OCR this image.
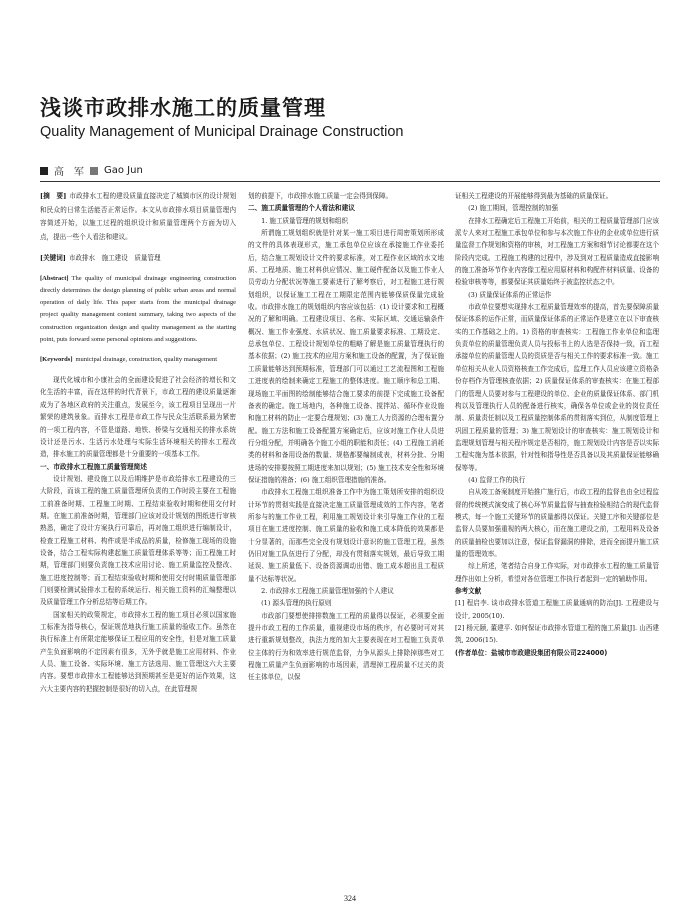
浅谈市政排水施工的质量管理
Quality Management of Municipal Drainage Construction
高　军 Gao Jun

[摘　要] 市政排水工程的建设质量直接决定了城镇市区的设计规划和民众的日常生活能否正常运作。本文从市政排水项目质量管理内容简述开始，以施工过程的组织设计和质量管理两个方面为切入点，提出一些个人看法和建议。

[关键词] 市政排水　施工建设　质量管理

[Abstract] The quality of municipal drainage engineering construction directly determines the design planning of public urban areas and normal operation of daily life. This paper starts from the municipal drainage project quality management content summary, taking two aspects of the construction organization design and quality management as the starting point, puts forward some personal opinions and suggestions.

[Keywords] municipal drainage, construction, quality management

现代化城市和小康社会的全面建设促进了社会经济的增长和文化生活的丰富，而在这样的时代背景下，市政工程的建设质量逐渐成为了各地区政府的关注重点，发展至今，该工程项目呈现出一片繁荣的建筑景象。而排水工程是市政工作与民众生活联系最为紧密的一项工程内容，不管是道路、地铁、桥梁与交通相关的排水系统设计还是污水、生活污水处理与实际生活环境相关的排水工程改造，排水施工的质量管理都是十分重要的一项基本工作。

一、市政排水工程施工质量管理简述

设计规划、建设施工以及后期维护是市政给排水工程建设的三大阶段，而该工程的施工质量管理所负责的工作时段主要在工程施工前准备时期、工程施工时期、工程结束验收时期和使用交付时期。在施工前准备时期，管理部门应该对设计规划的图纸进行审核熟悉，确定了设计方案执行可靠后，再对施工组织进行编制设计，检查工程施工材料、构件或是半成品的质量，检修施工现场的设施设备，结合工程实际构建起施工质量管理体系等等；而工程施工时期，管理部门则要负责施工技术应用讨论、施工质量监控及整改、施工进度控制等；而工程结束验收时期和使用交付时期质量管理部门则要检测试验排水工程的系统运行、相关施工资料的汇编整理以及质量管理工作分析总结等后期工作。

国家相关的政策规定，市政排水工程的施工项目必须以国家施工标准为指导核心，保证规范地执行施工质量的验收工作。虽然在执行标准上有所限定能够保证工程应用的安全性，但是对施工质量产生负面影响的不定因素有很多，无外乎就是施工应用材料、作业人员、施工设备、实际环境、施工方法选用、施工管理这六大主要内容。要想市政排水工程能够达到预期甚至是更好的运作效果，这六大主要内容的把握控制是很好的切入点，在此管理规

划的前提下，市政排水施工质量一定会得到保障。

二、施工质量管理的个人看法和建议

1. 施工质量管理的规划和组织

所谓施工规划组织就是针对某一施工项目进行周密策划所形成的文件的具体表现形式，施工承包单位应该在承接施工作业委托后，结合施工规划设计文件的要求标准，对工程作业区域的水文地质、工程地质、施工材料供应情况、施工硬件配备以及施工作业人员劳动力分配状况等施工要素进行了解考察后，对工程施工进行规划组织，以保证施工工程在工期限定范围内能够保质保量完成验收。市政排水施工的规划组织内容应该包括：(1) 设计要求和工程概况的了解和明确。工程建设项目、名称、实际区域、交通运输条件概况、施工作业强度、水质状况、施工质量要求标准、工期设定、总承包单位、工程设计规划单位的粗略了解是施工质量管理执行的基本依据；(2) 施工技术的应用方案和施工设备的配置，为了保证施工质量能够达到预期标准，管理部门可以通过工艺流程图和工程施工进度表的绘制来确定工程施工的整体进度。施工顺序和总工期、现场施工平面图的绘制能够结合施工要求的前提下完成施工设备配备表的确定。施工场地内，各种施工设备、搅拌站、循环作业设施和施工材料的防止一定要合理规划；(3) 施工人力资源的合理布置分配。施工方法和施工设备配置方案确定后，应该对施工作业人员进行分组分配，并明确各个施工小组的职能和责任；(4) 工程施工消耗类的材料和备用设备的数量、规格都要编制成表，材料分批、分期进场的安排要按照工期进度来加以规划；(5) 施工技术安全性和环境保证措施的准备；(6) 施工组织管理措施的准备。

市政排水工程施工组织准备工作中为施工策划所安排的组织设计环节的贯彻实践是直接决定施工质量管理成效的工作内容，笔者所参与的施工作业工程，利用施工规划设计来引导施工作业的工程项目在施工进度控制、施工质量的验收和施工成本降低的效果都是十分显著的，而那些完全没有规划设计意识的施工管理工程，虽然仍旧对施工队伍进行了分配，却没有贯彻落实规划，最后导致工期延误、施工质量低下、设备资源调动出错、施工成本超出且工程质量不达标等状况。

2. 市政排水工程施工质量管理加强的个人建议

(1) 源头管理的执行原则

市政部门要想使排排数施工工程的质量得以保证，必须要全面提升市政工程的工作质量，重视建设市场的秩序，有必要时可对其进行重新规划整改，执法力度的加大主要表现在对工程施工负责单位主体的行为和效率进行规范监督，力争从源头上排除掉那些对工程施工质量产生负面影响的市场因素，清理掉工程质量不过关的责任主体单位，以保

证相关工程建设的开展能够得到最为基础的质量保证。

(2) 施工期间，管理控制的加强

在排水工程确定后工程施工开始前，相关的工程质量管理部门应该派专人来对工程施工承包单位和参与本次施工作业的企业或单位进行质量监督工作规划和资格的审核，对工程施工方案和细节讨论都要在这个阶段内完成。工程施工构建的过程中，涉及到对工程质量造成直接影响的施工准备环节作业内容像工程应用原材料和构配件材料质量、设备的检验审核等等，都要保证其质量始终于被监控状态之中。

(3) 质量保证体系的正常运作

市政单位要想实现排水工程质量管理效率的提高，首先要保障质量保证体系的运作正常，而质量保证体系的正常运作是建立在以下审查核实的工作基础之上的。1) 资格的审查核实：工程施工作业单位和监理负责单位的质量管理负责人员与投标书上的人选是否保持一致，而工程承接单位的质量管理人员的资质是否与相关工作的要求标准一致。施工单位相关从业人员资格核查工作完成后，监理工作人员应该建立资格条份存档作为管理核查依据；2) 质量保证体系的审查核实：在施工程部门的管理人员要对参与工程建设的单位、企业的质量保证体系、部门机构以及管理执行人员的配备进行核实，确保各单位或企业的岗位责任制、质量责任制以及工程质量控制体系的贯彻落实到位，从制度管理上巩固工程质量的管理；3) 施工规划设计的审查核实：施工规划设计和监理规划管理与相关程序规定是否相符，施工规划设计内容是否以实际工程实施为基本依据，针对性和指导性是否具备以及其质量保证能够确保等等。

(4) 监督工作的执行

自从竣工备案制度开始推广施行后，市政工程的监督也由全过程监督的传统模式演变成了核心环节质量监督与抽查检验相结合的现代监督模式，每一个施工关键环节的质量都得以保证。关键工序和关键部位是监督人员要加强重视的两大核心，而在施工建设之前，工程用料及设备的质量抽检也要加以注意，保证监督漏洞的排除，进而全面提升施工质量的管理效率。

综上所述，笔者结合自身工作实际，对市政排水工程的施工质量管理作出如上分析，希望对各位管理工作执行者起到一定的辅助作用。

参考文献

[1] 程启李. 谈市政排水管道工程施工质量通病的防治[J]. 工程建设与设计, 2005(10).

[2] 杨元颐, 董建平. 如何保证市政排水管道工程的施工质量[J]. 山西建筑, 2006(15).

(作者单位：盐城市市政建设集团有限公司224000)

324
